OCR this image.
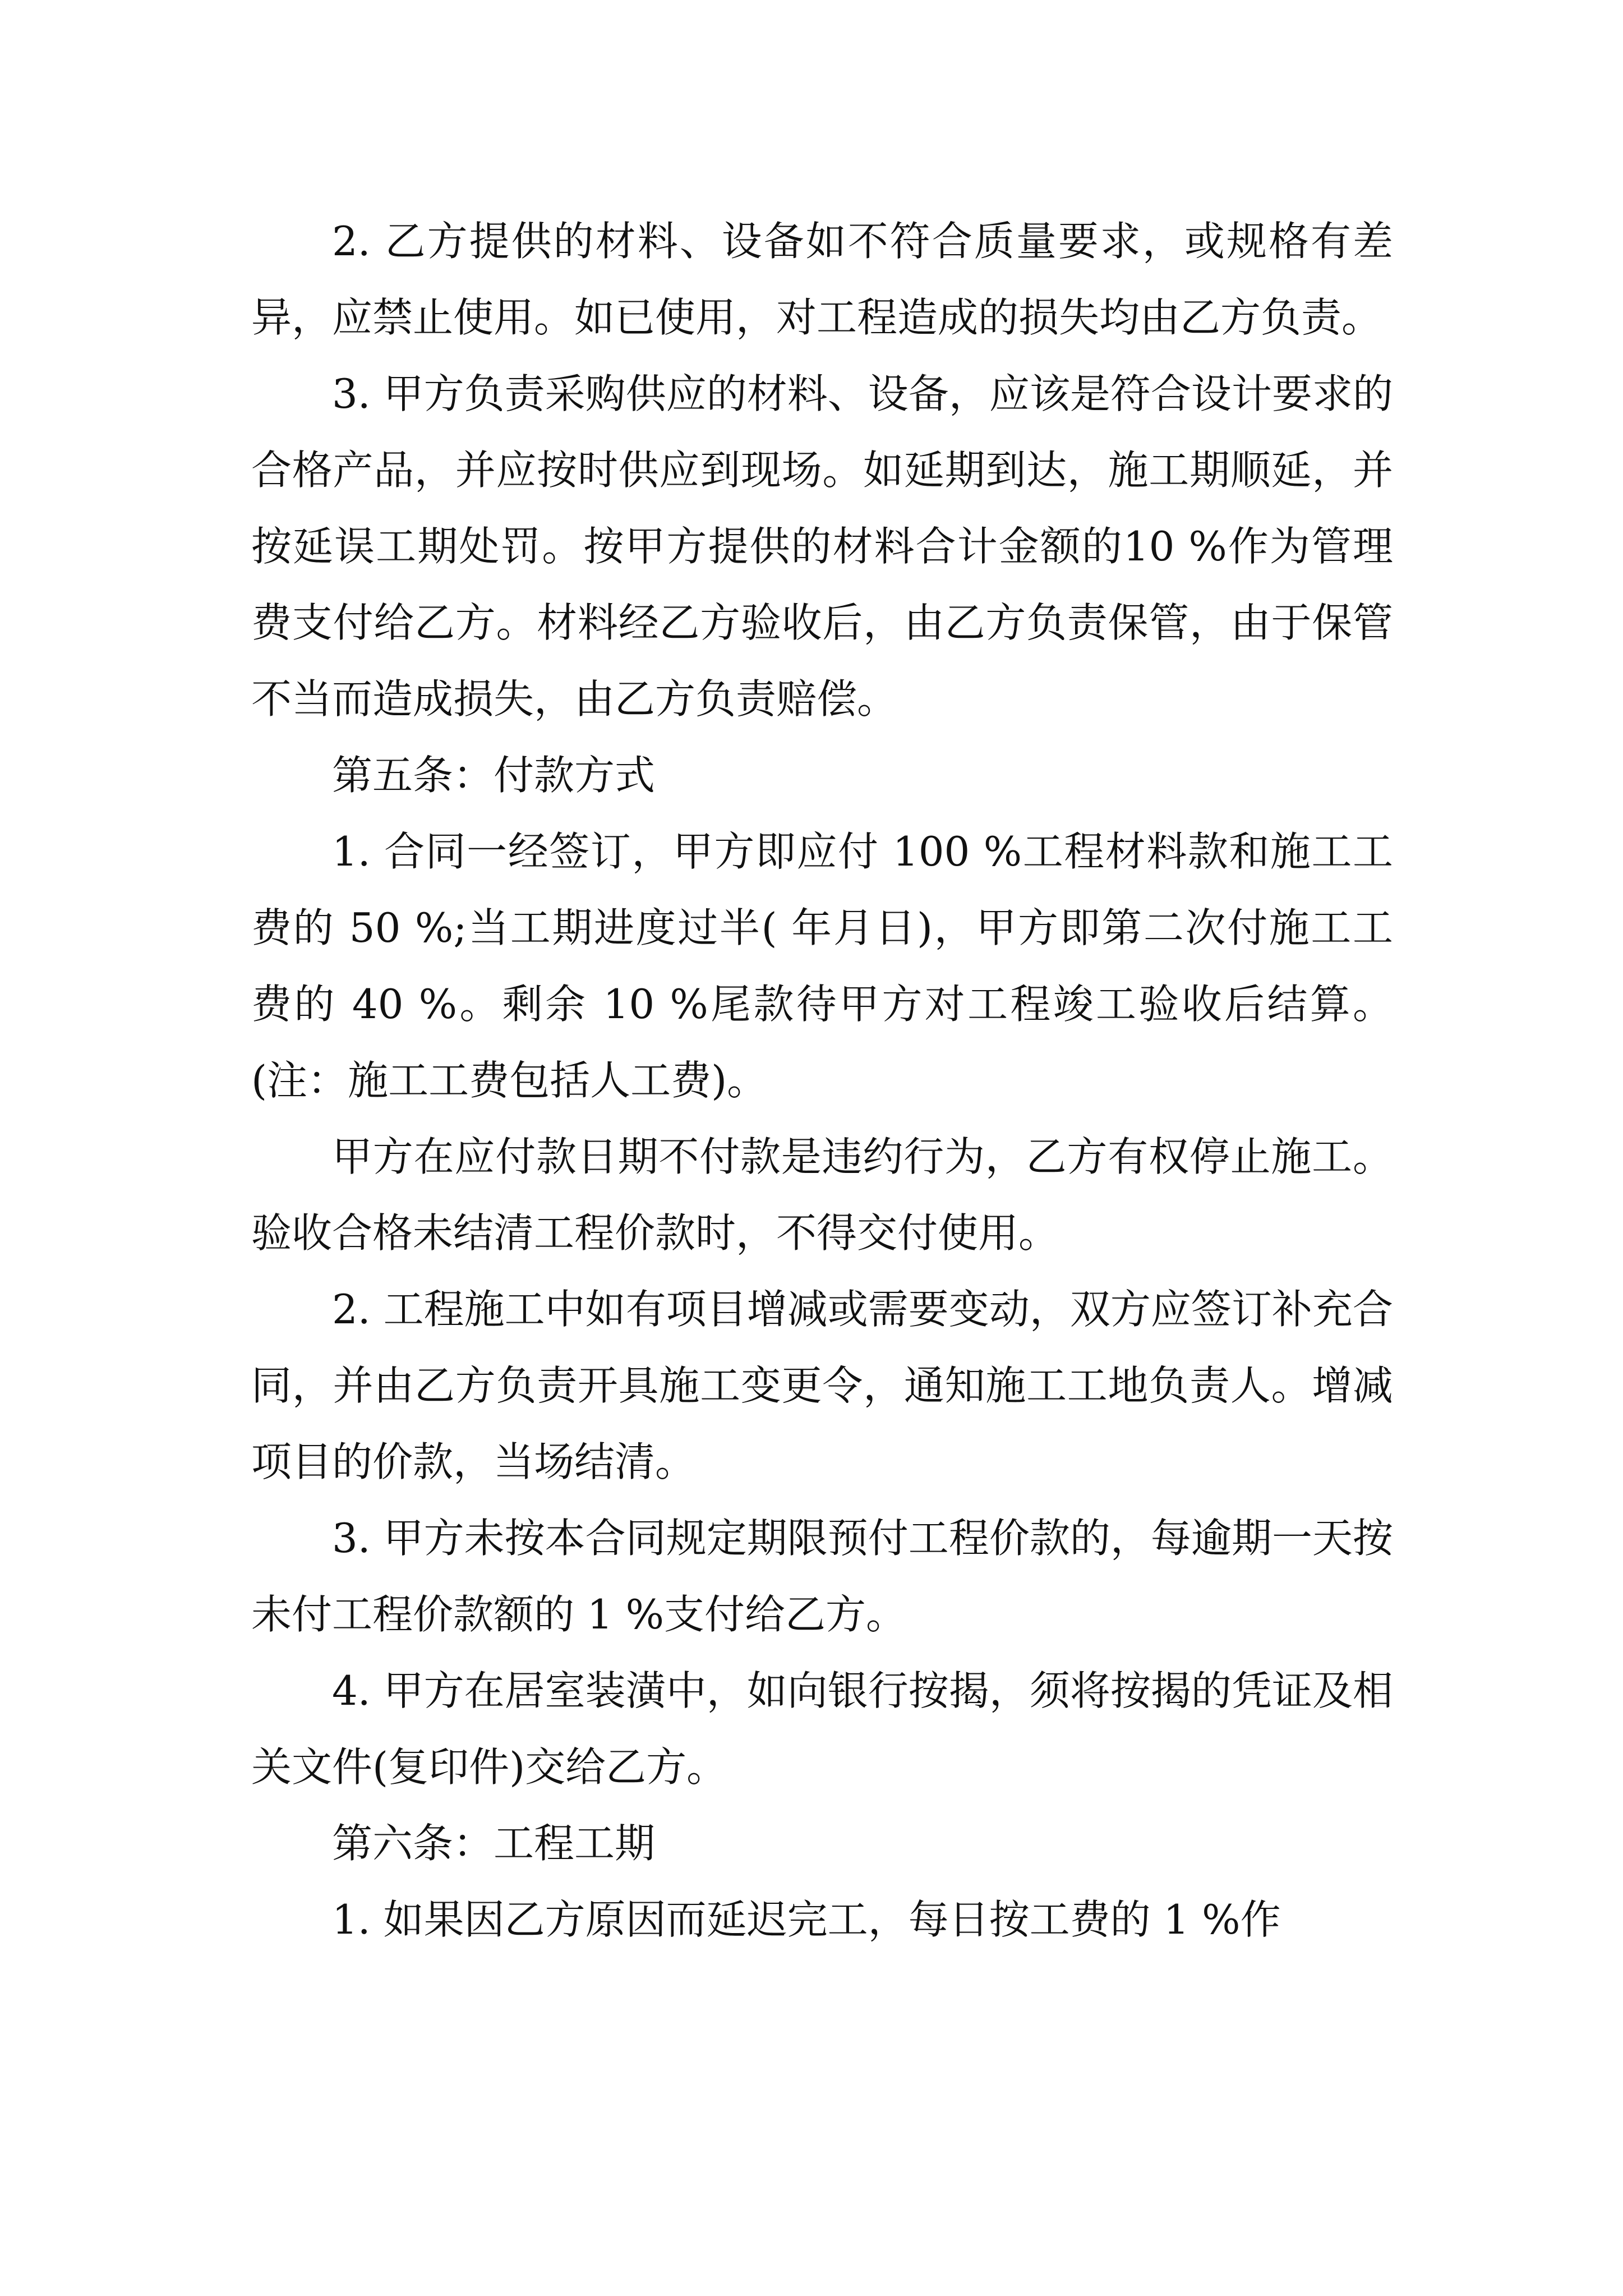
2. 乙方提供的材料、设备如不符合质量要求，或规格有差异，应禁止使用。如已使用，对工程造成的损失均由乙方负责。

3. 甲方负责采购供应的材料、设备，应该是符合设计要求的合格产品，并应按时供应到现场。如延期到达，施工期顺延，并按延误工期处罚。按甲方提供的材料合计金额的10 %作为管理费支付给乙方。材料经乙方验收后，由乙方负责保管，由于保管不当而造成损失，由乙方负责赔偿。

第五条：付款方式

1. 合同一经签订，甲方即应付 100 %工程材料款和施工工费的 50 %;当工期进度过半( 年月日)，甲方即第二次付施工工费的 40 %。剩余 10 %尾款待甲方对工程竣工验收后结算。(注：施工工费包括人工费)。

甲方在应付款日期不付款是违约行为，乙方有权停止施工。验收合格未结清工程价款时，不得交付使用。

2. 工程施工中如有项目增减或需要变动，双方应签订补充合同，并由乙方负责开具施工变更令，通知施工工地负责人。增减项目的价款，当场结清。

3. 甲方未按本合同规定期限预付工程价款的，每逾期一天按未付工程价款额的 1 %支付给乙方。

4. 甲方在居室装潢中，如向银行按揭，须将按揭的凭证及相关文件(复印件)交给乙方。

第六条：工程工期

1. 如果因乙方原因而延迟完工，每日按工费的 1 %作
